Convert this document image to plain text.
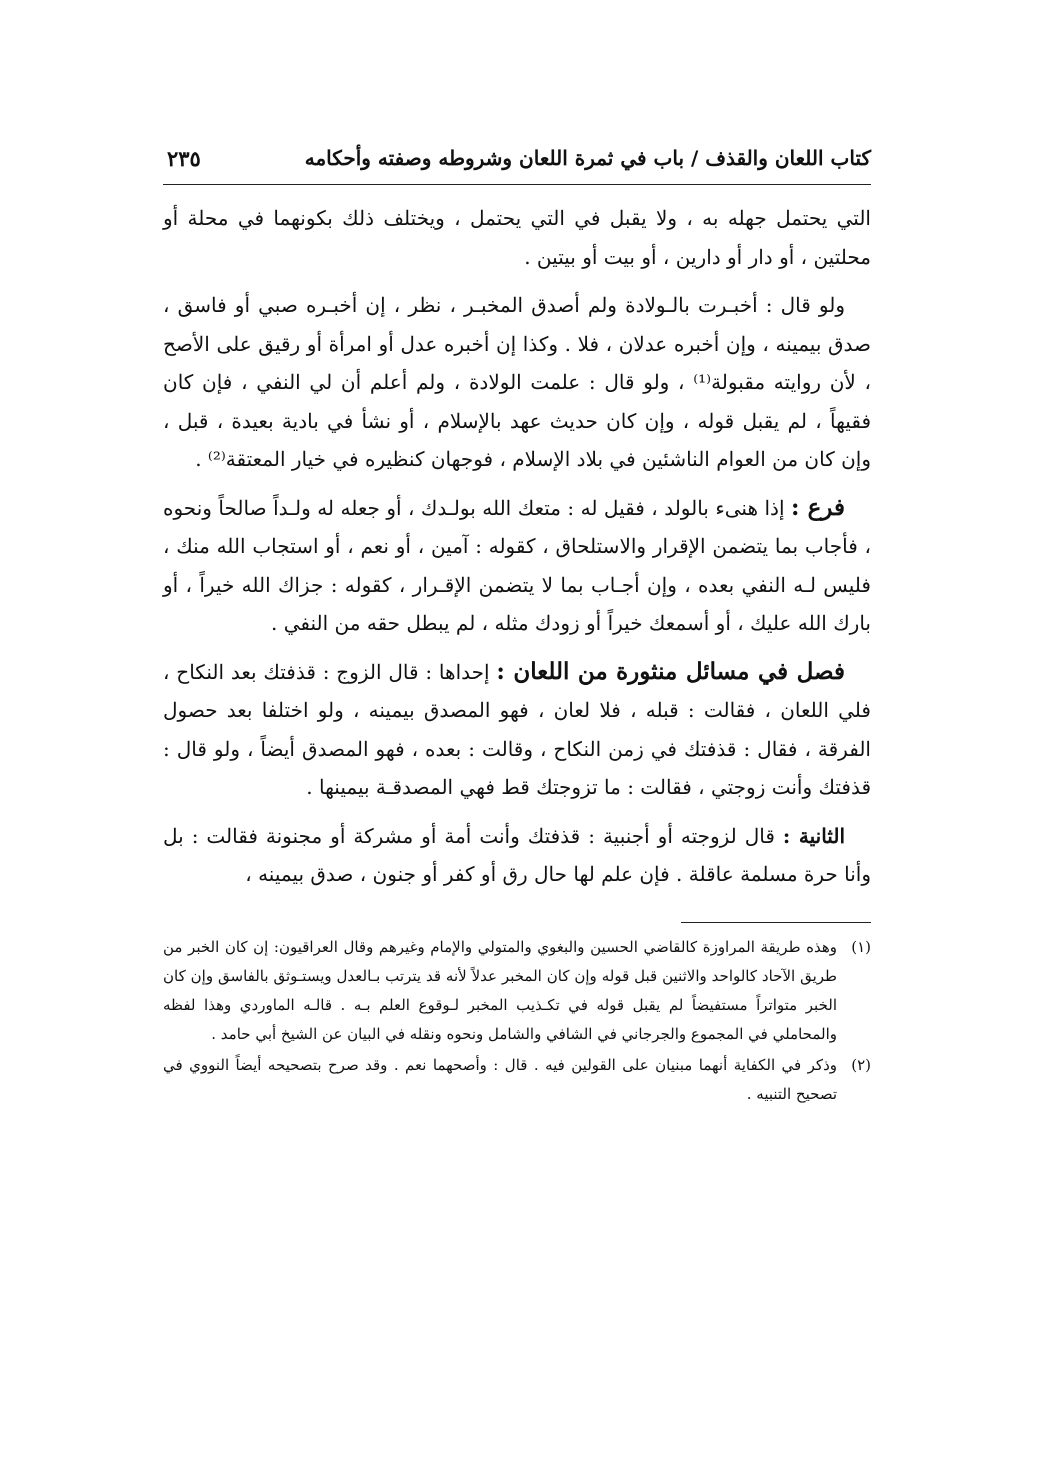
كتاب اللعان والقذف / باب في ثمرة اللعان وشروطه وصفته وأحكامه
٢٣٥

التي يحتمل جهله به ، ولا يقبل في التي يحتمل ، ويختلف ذلك بكونهما في محلة أو محلتين ، أو دار أو دارين ، أو بيت أو بيتين .

ولو قال : أخبـرت بالـولادة ولم أصدق المخبـر ، نظر ، إن أخبـره صبي أو فاسق ، صدق بيمينه ، وإن أخبره عدلان ، فلا . وكذا إن أخبره عدل أو امرأة أو رقيق على الأصح ، لأن روايته مقبولة⁽¹⁾ ، ولو قال : علمت الولادة ، ولم أعلم أن لي النفي ، فإن كان فقيهاً ، لم يقبل قوله ، وإن كان حديث عهد بالإسلام ، أو نشأ في بادية بعيدة ، قبل ، وإن كان من العوام الناشئين في بلاد الإسلام ، فوجهان كنظيره في خيار المعتقة⁽²⁾ .

فرع : إذا هنىء بالولد ، فقيل له : متعك الله بولـدك ، أو جعله له ولـداً صالحاً ونحوه ، فأجاب بما يتضمن الإقرار والاستلحاق ، كقوله : آمين ، أو نعم ، أو استجاب الله منك ، فليس لـه النفي بعده ، وإن أجـاب بما لا يتضمن الإقـرار ، كقوله : جزاك الله خيراً ، أو بارك الله عليك ، أو أسمعك خيراً أو زودك مثله ، لم يبطل حقه من النفي .

فصل في مسائل منثورة من اللعان : إحداها : قال الزوج : قذفتك بعد النكاح ، فلي اللعان ، فقالت : قبله ، فلا لعان ، فهو المصدق بيمينه ، ولو اختلفا بعد حصول الفرقة ، فقال : قذفتك في زمن النكاح ، وقالت : بعده ، فهو المصدق أيضاً ، ولو قال : قذفتك وأنت زوجتي ، فقالت : ما تزوجتك قط فهي المصدقـة بيمينها .

الثانية : قال لزوجته أو أجنبية : قذفتك وأنت أمة أو مشركة أو مجنونة فقالت : بل وأنا حرة مسلمة عاقلة . فإن علم لها حال رق أو كفر أو جنون ، صدق بيمينه ،

(١)
وهذه طريقة المراوزة كالقاضي الحسين والبغوي والمتولي والإمام وغيرهم وقال العراقيون: إن كان الخبر من طريق الآحاد كالواحد والاثنين قبل قوله وإن كان المخبر عدلاً لأنه قد يترتب بـالعدل ويستـوثق بالفاسق وإن كان الخبر متواتراً مستفيضاً لم يقبل قوله في تكـذيب المخبر لـوقوع العلم بـه . قالـه الماوردي وهذا لفظه والمحاملي في المجموع والجرجاني في الشافي والشامل ونحوه ونقله في البيان عن الشيخ أبي حامد .
(٢)
وذكر في الكفاية أنهما مبنيان على القولين فيه . قال : وأصحهما نعم . وقد صرح بتصحيحه أيضاً النووي في تصحيح التنبيه .
